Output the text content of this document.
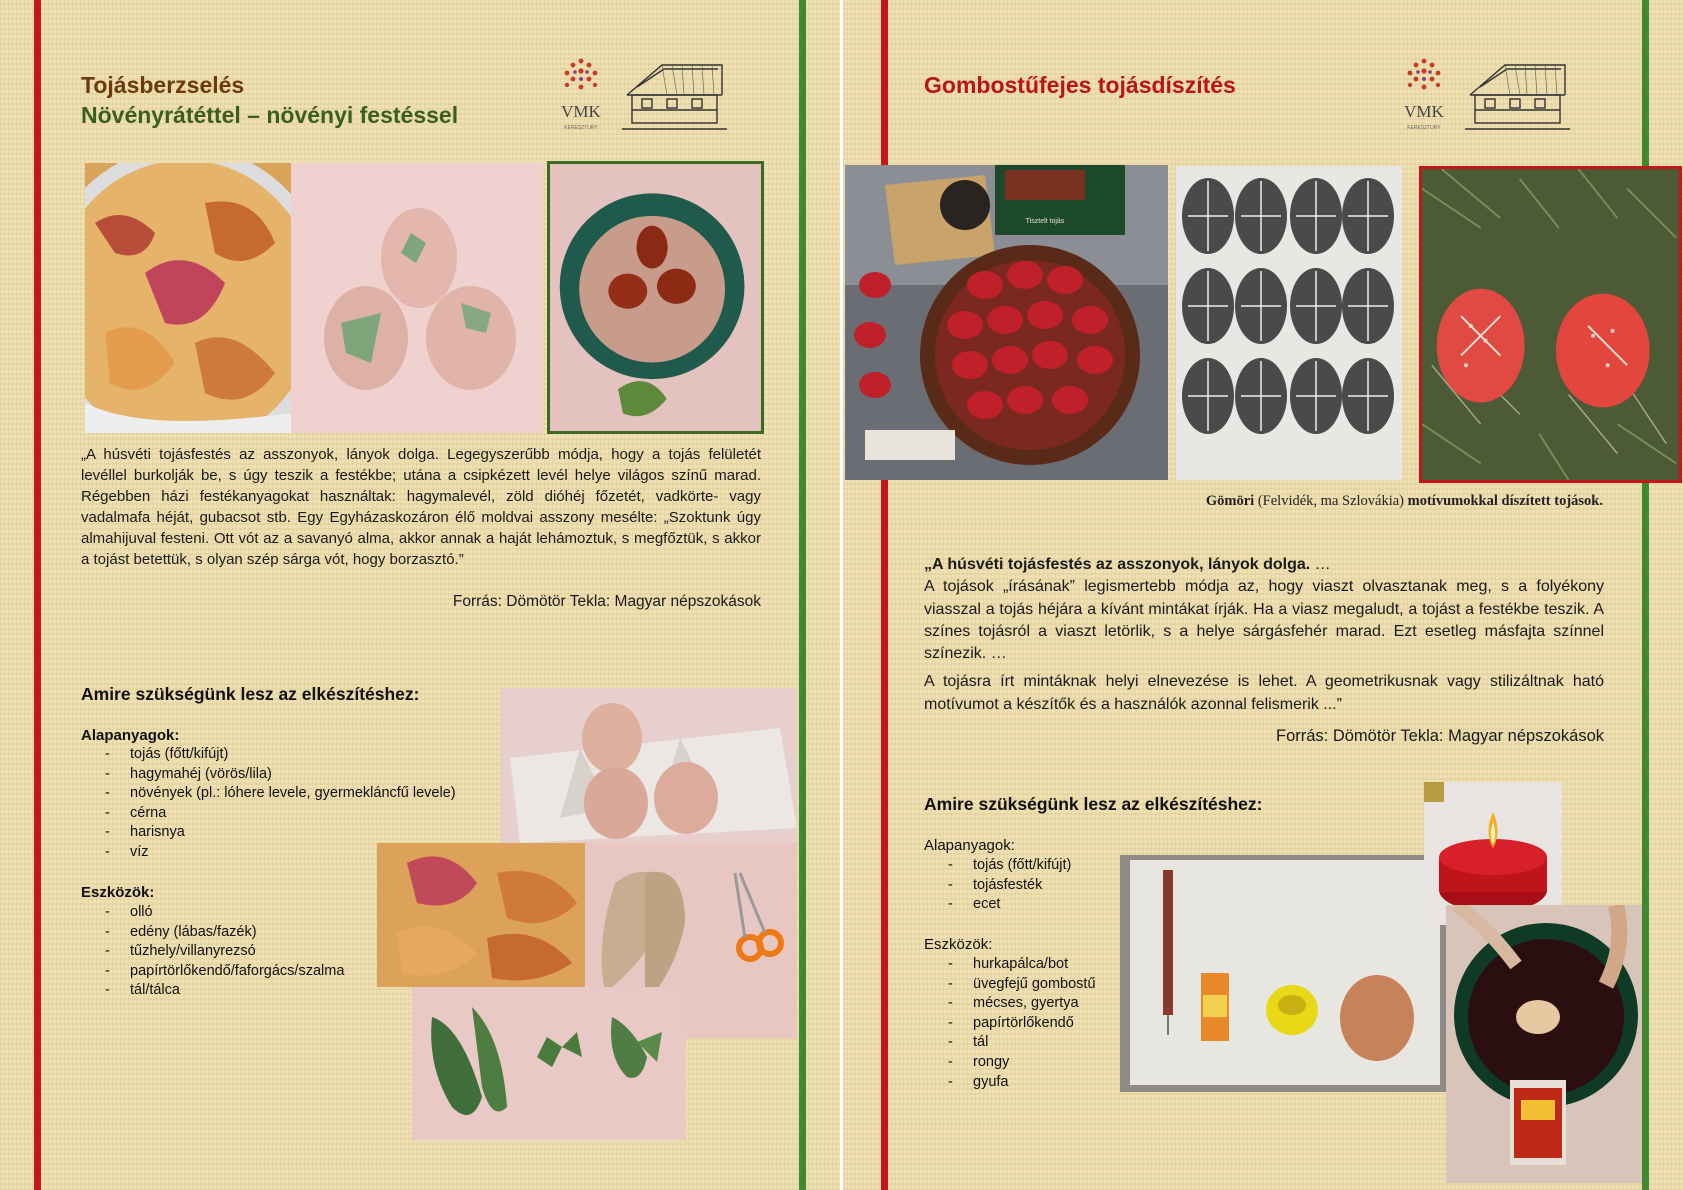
Tojásberzselés
Növényrátéttel – növényi festéssel	VMK
KERESZTURY
„A húsvéti tojásfestés az asszonyok, lányok dolga. Legegyszerűbb módja, hogy a tojás felületét levéllel burkolják be, s úgy teszik a festékbe; utána a csipkézett levél helye világos színű marad. Régebben házi festékanyagokat használtak: hagymalevél, zöld dióhéj főzetét, vadkörte- vagy vadalmafa héját, gubacsot stb. Egy Egyházaskozáron élő moldvai asszony mesélte: „Szoktunk úgy almahijuval festeni. Ott vót az a savanyó alma, akkor annak a haját lehámoztuk, s megfőztük, s akkor a tojást betettük, s olyan szép sárga vót, hogy borzasztó.”
Forrás: Dömötör Tekla: Magyar népszokások
Amire szükségünk lesz az elkészítéshez:
Alapanyagok:
- tojás (főtt/kifújt)
- hagymahéj (vörös/lila)
- növények (pl.: lóhere levele, gyermekláncfű levele)
- cérna
- harisnya
- víz
Eszközök:
- olló
- edény (lábas/fazék)
- tűzhely/villanyrezsó
- papírtörlőkendő/faforgács/szalma
- tál/tálca
Gombostűfejes tojásdíszítés
VMK
KERESZTURY
Tisztelt tojás
Gömöri (Felvidék, ma Szlovákia) motívumokkal díszített tojások.
„A húsvéti tojásfestés az asszonyok, lányok dolga. …
A tojások „írásának” legismertebb módja az, hogy viaszt olvasztanak meg, s a folyékony viasszal a tojás héjára a kívánt mintákat írják. Ha a viasz megaludt, a tojást a festékbe teszik. A színes tojásról a viaszt letörlik, s a helye sárgásfehér marad. Ezt esetleg másfajta színnel színezik. …
A tojásra írt mintáknak helyi elnevezése is lehet. A geometrikusnak vagy stilizáltnak ható motívumot a készítők és a használók azonnal felismerik ...”
Forrás: Dömötör Tekla: Magyar népszokások
Amire szükségünk lesz az elkészítéshez:
Alapanyagok:
- tojás (főtt/kifújt)
- tojásfesték
- ecet
Eszközök:
- hurkapálca/bot
- üvegfejű gombostű
- mécses, gyertya
- papírtörlőkendő
- tál
- rongy
- gyufa
